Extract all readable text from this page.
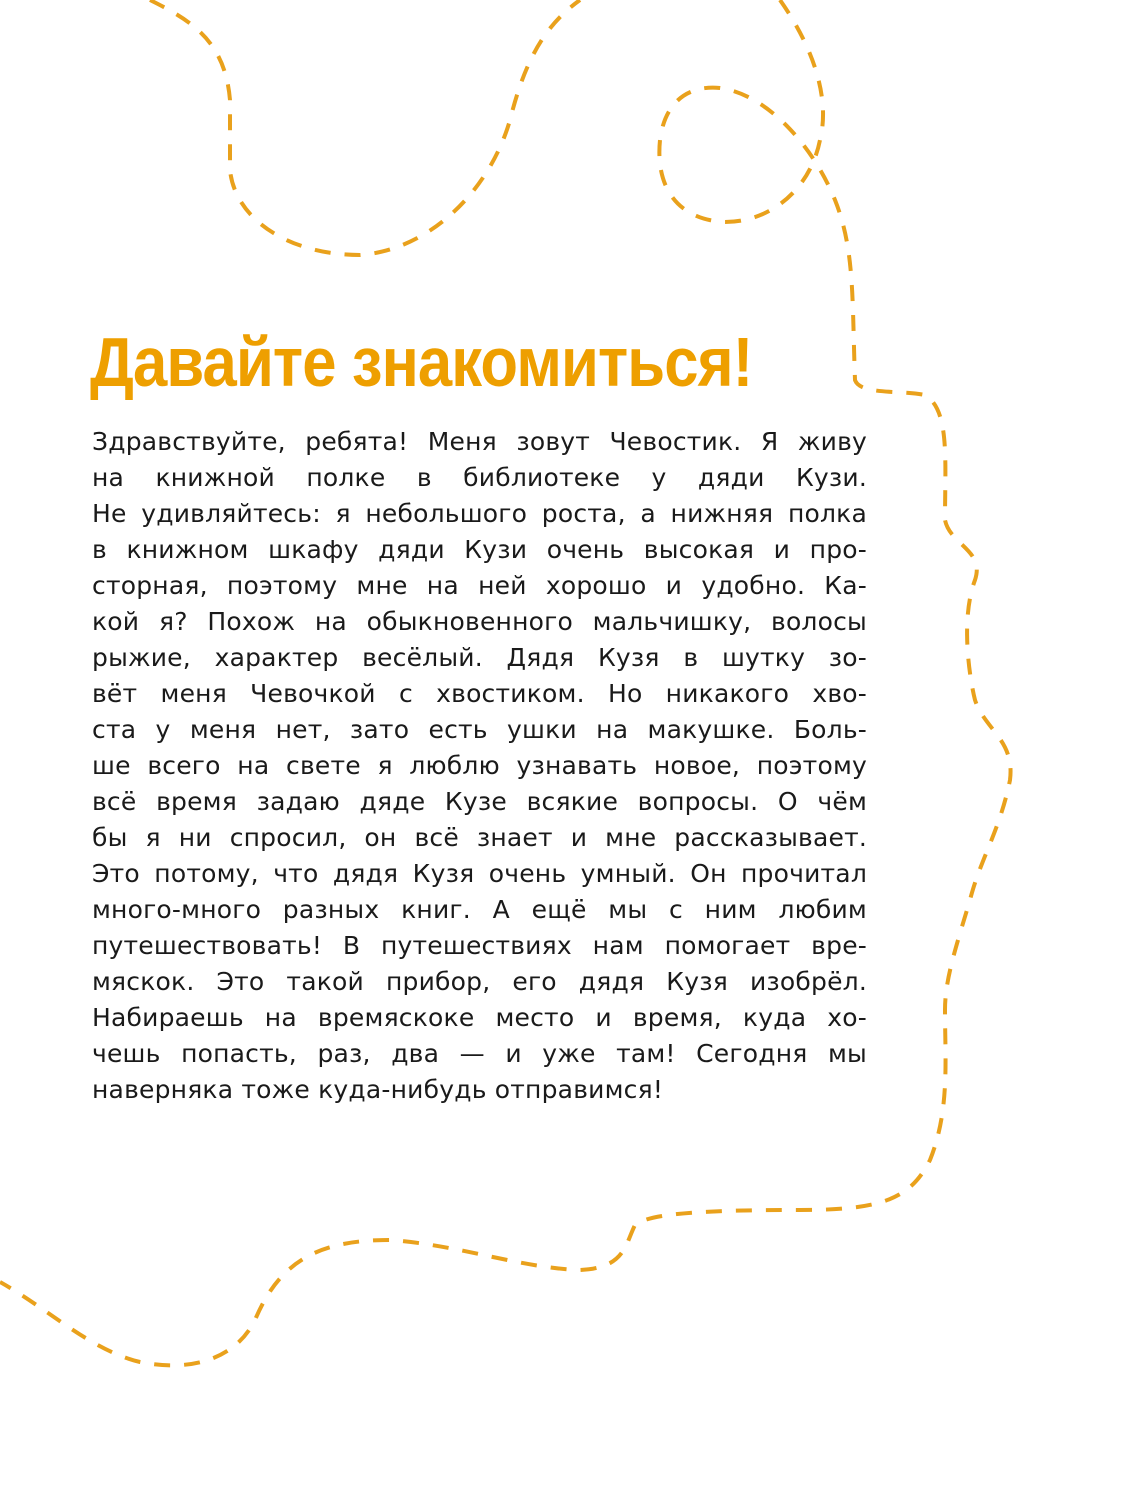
Давайте знакомиться!
Здравствуйте, ребята! Меня зовут Чевостик. Я живу
на книжной полке в библиотеке у дяди Кузи.
Не удивляйтесь: я небольшого роста, а нижняя полка
в книжном шкафу дяди Кузи очень высокая и про-
сторная, поэтому мне на ней хорошо и удобно. Ка-
кой я? Похож на обыкновенного мальчишку, волосы
рыжие, характер весёлый. Дядя Кузя в шутку зо-
вёт меня Чевочкой с хвостиком. Но никакого хво-
ста у меня нет, зато есть ушки на макушке. Боль-
ше всего на свете я люблю узнавать новое, поэтому
всё время задаю дяде Кузе всякие вопросы. О чём
бы я ни спросил, он всё знает и мне рассказывает.
Это потому, что дядя Кузя очень умный. Он прочитал
много-много разных книг. А ещё мы с ним любим
путешествовать! В путешествиях нам помогает вре-
мяскок. Это такой прибор, его дядя Кузя изобрёл.
Набираешь на времяскоке место и время, куда хо-
чешь попасть, раз, два — и уже там! Сегодня мы
наверняка тоже куда-нибудь отправимся!
